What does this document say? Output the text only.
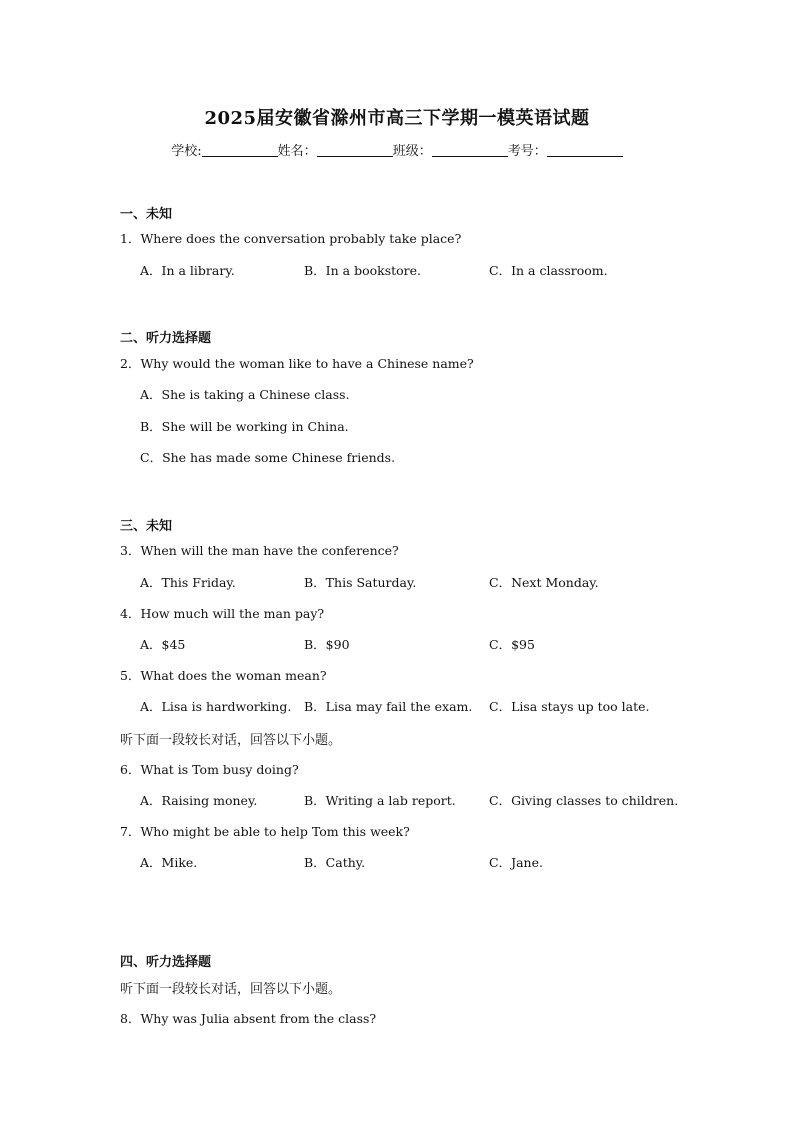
2025届安徽省滁州市高三下学期一模英语试题
学校:	姓名：	班级：	考号：
一、未知
1．Where does the conversation probably take place?
A．In a library.	B．In a bookstore.	C．In a classroom.
二、听力选择题
2．Why would the woman like to have a Chinese name?
A．She is taking a Chinese class.
B．She will be working in China.
C．She has made some Chinese friends.
三、未知
3．When will the man have the conference?
A．This Friday.	B．This Saturday.	C．Next Monday.
4．How much will the man pay?
A．$45	B．$90	C．$95
5．What does the woman mean?
A．Lisa is hardworking. B．Lisa may fail the exam. C．Lisa stays up too late.
听下面一段较长对话，回答以下小题。
6．What is Tom busy doing?
A．Raising money.	B．Writing a lab report.	C．Giving classes to children.
7．Who might be able to help Tom this week?
A．Mike.	B．Cathy.	C．Jane.
四、听力选择题
听下面一段较长对话，回答以下小题。
8．Why was Julia absent from the class?
